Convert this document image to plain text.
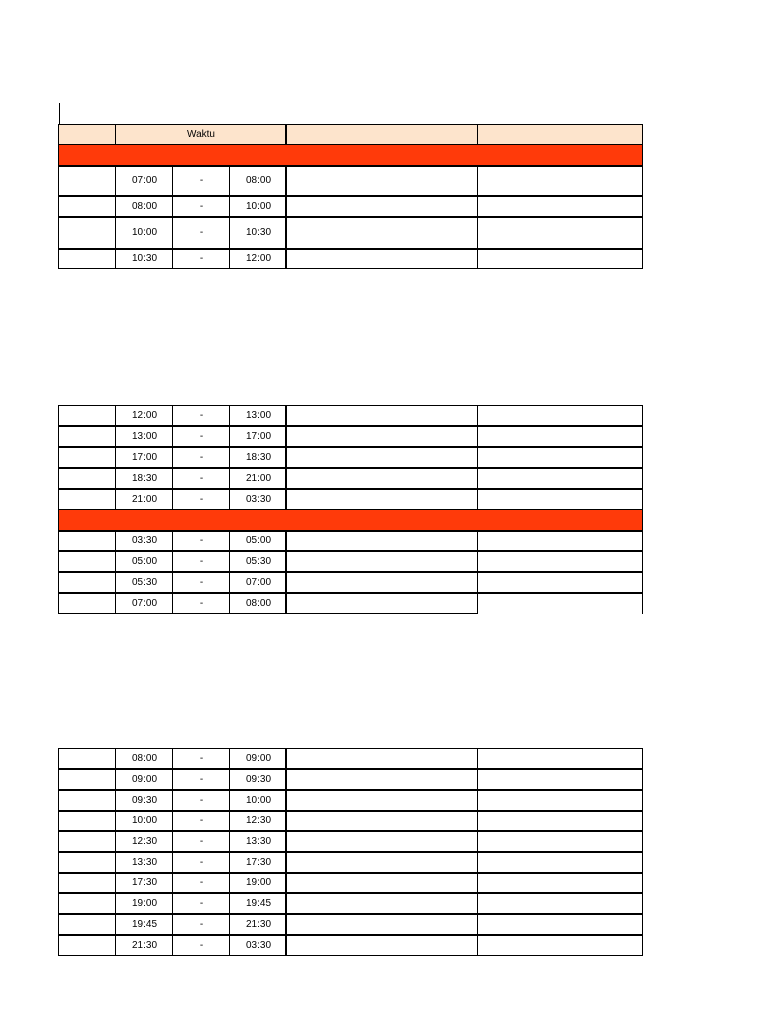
Waktu
07:00	-	08:00
08:00	-	10:00
10:00	-	10:30
10:30	-	12:00
12:00	-	13:00
13:00	-	17:00
17:00	-	18:30
18:30	-	21:00
21:00	-	03:30
03:30	-	05:00
05:00	-	05:30
05:30	-	07:00
07:00	-	08:00
08:00	-	09:00
09:00	-	09:30
09:30	-	10:00
10:00	-	12:30
12:30	-	13:30
13:30	-	17:30
17:30	-	19:00
19:00	-	19:45
19:45	-	21:30
21:30	-	03:30
